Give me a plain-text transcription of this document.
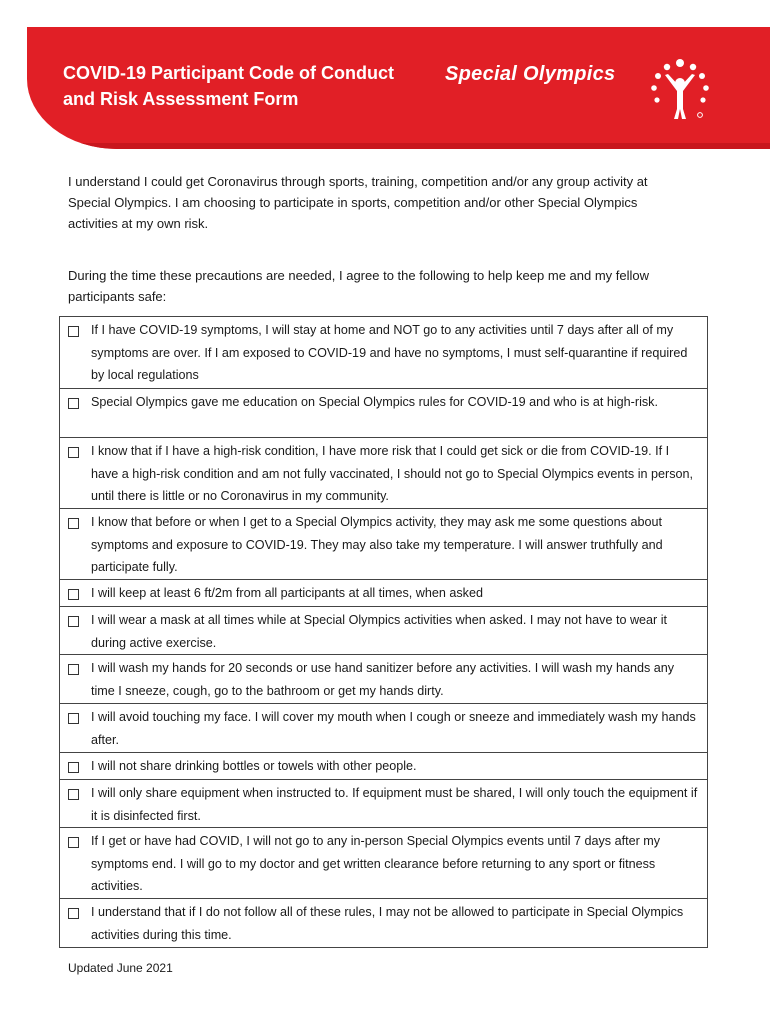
COVID-19 Participant Code of Conduct
and Risk Assessment Form
Special Olympics

I understand I could get Coronavirus through sports, training, competition and/or any group activity at Special Olympics. I am choosing to participate in sports, competition and/or other Special Olympics activities at my own risk.

During the time these precautions are needed, I agree to the following to help keep me and my fellow participants safe:

If I have COVID-19 symptoms, I will stay at home and NOT go to any activities until 7 days after all of my symptoms are over. If I am exposed to COVID-19 and have no symptoms, I must self-quarantine if required by local regulations
Special Olympics gave me education on Special Olympics rules for COVID-19 and who is at high-risk.
I know that if I have a high-risk condition, I have more risk that I could get sick or die from COVID-19. If I have a high-risk condition and am not fully vaccinated, I should not go to Special Olympics events in person, until there is little or no Coronavirus in my community.
I know that before or when I get to a Special Olympics activity, they may ask me some questions about symptoms and exposure to COVID-19. They may also take my temperature. I will answer truthfully and participate fully.
I will keep at least 6 ft/2m from all participants at all times, when asked
I will wear a mask at all times while at Special Olympics activities when asked. I may not have to wear it during active exercise.
I will wash my hands for 20 seconds or use hand sanitizer before any activities. I will wash my hands any time I sneeze, cough, go to the bathroom or get my hands dirty.
I will avoid touching my face. I will cover my mouth when I cough or sneeze and immediately wash my hands after.
I will not share drinking bottles or towels with other people.
I will only share equipment when instructed to. If equipment must be shared, I will only touch the equipment if it is disinfected first.
If I get or have had COVID, I will not go to any in-person Special Olympics events until 7 days after my symptoms end. I will go to my doctor and get written clearance before returning to any sport or fitness activities.
I understand that if I do not follow all of these rules, I may not be allowed to participate in Special Olympics activities during this time.

Updated June 2021
